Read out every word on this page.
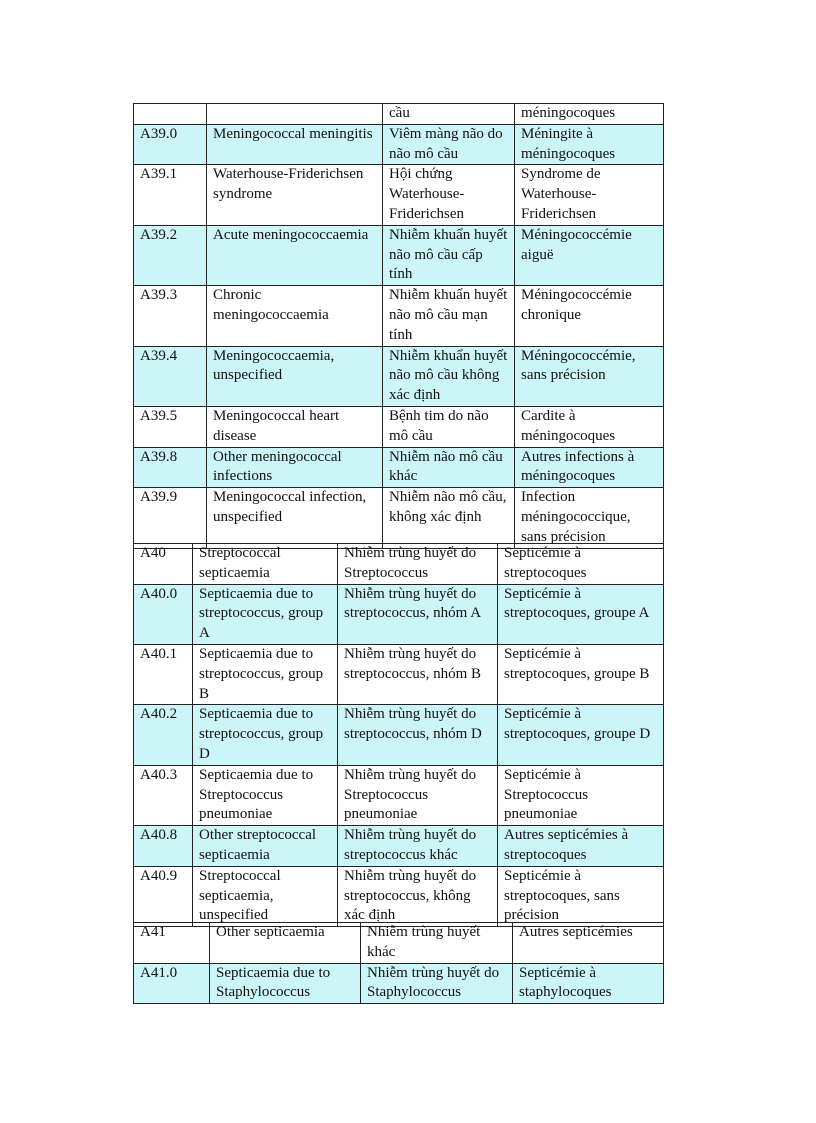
		cầu	méningocoques
A39.0	Meningococcal meningitis	Viêm màng não do não mô cầu	Méningite à méningocoques
A39.1	Waterhouse-Friderichsen syndrome	Hội chứng Waterhouse-Friderichsen	Syndrome de Waterhouse-Friderichsen
A39.2	Acute meningococcaemia	Nhiễm khuẩn huyết não mô cầu cấp tính	Méningococcémie aiguë
A39.3	Chronic meningococcaemia	Nhiễm khuẩn huyết não mô cầu mạn tính	Méningococcémie chronique
A39.4	Meningococcaemia, unspecified	Nhiễm khuẩn huyết não mô cầu không xác định	Méningococcémie, sans précision
A39.5	Meningococcal heart disease	Bệnh tim do não mô cầu	Cardite à méningocoques
A39.8	Other meningococcal infections	Nhiễm não mô cầu khác	Autres infections à méningocoques
A39.9	Meningococcal infection, unspecified	Nhiễm não mô cầu, không xác định	Infection méningococcique, sans précision
A40	Streptococcal septicaemia	Nhiễm trùng huyết do Streptococcus	Septicémie à streptocoques
A40.0	Septicaemia due to streptococcus, group A	Nhiễm trùng huyết do streptococcus, nhóm A	Septicémie à streptocoques, groupe A
A40.1	Septicaemia due to streptococcus, group B	Nhiễm trùng huyết do streptococcus, nhóm B	Septicémie à streptocoques, groupe B
A40.2	Septicaemia due to streptococcus, group D	Nhiễm trùng huyết do streptococcus, nhóm D	Septicémie à streptocoques, groupe D
A40.3	Septicaemia due to Streptococcus pneumoniae	Nhiễm trùng huyết do Streptococcus pneumoniae	Septicémie à Streptococcus pneumoniae
A40.8	Other streptococcal septicaemia	Nhiễm trùng huyết do streptococcus khác	Autres septicémies à streptocoques
A40.9	Streptococcal septicaemia, unspecified	Nhiễm trùng huyết do streptococcus, không xác định	Septicémie à streptocoques, sans précision
A41	Other septicaemia	Nhiễm trùng huyết khác	Autres septicémies
A41.0	Septicaemia due to Staphylococcus	Nhiễm trùng huyết do Staphylococcus	Septicémie à staphylocoques
